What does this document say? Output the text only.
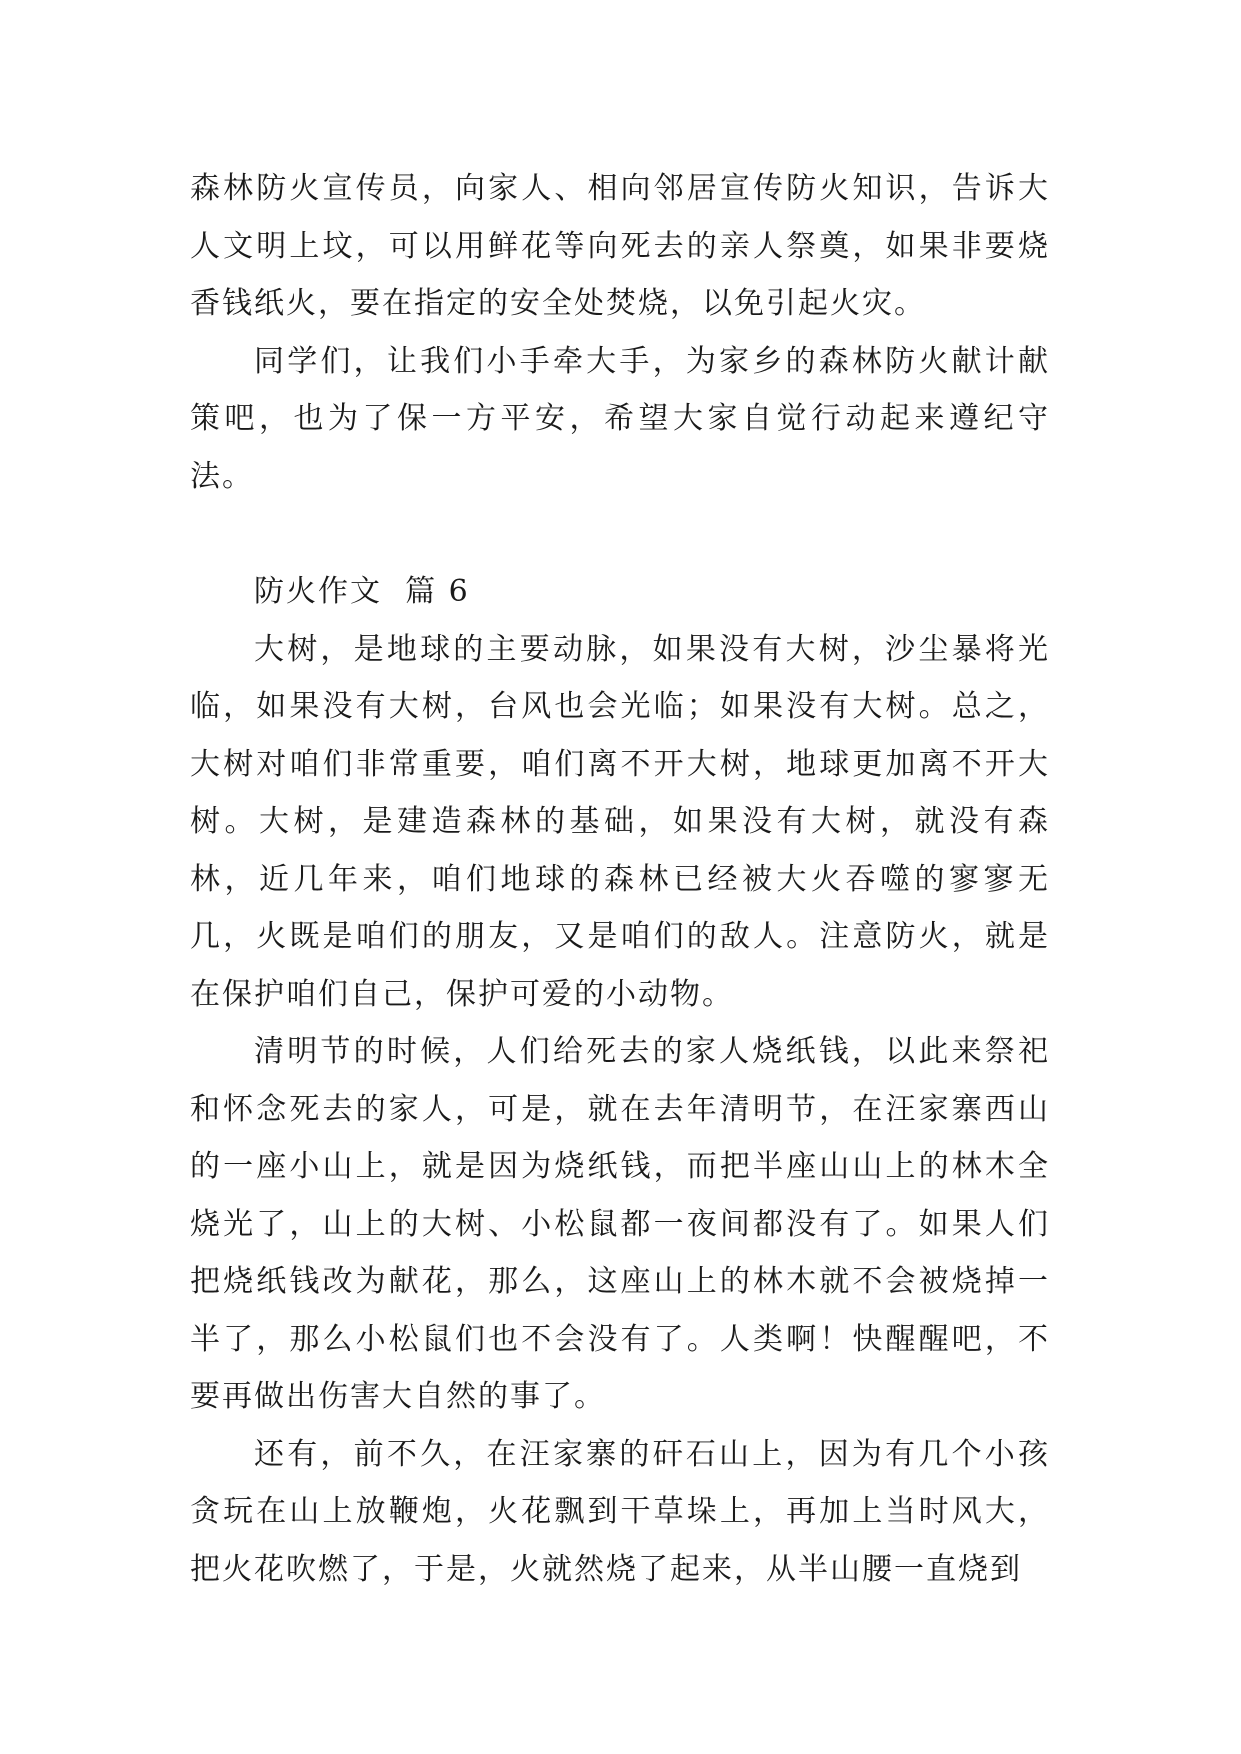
森林防火宣传员，向家人、相向邻居宣传防火知识，告诉大人文明上坟，可以用鲜花等向死去的亲人祭奠，如果非要烧香钱纸火，要在指定的安全处焚烧，以免引起火灾。

同学们，让我们小手牵大手，为家乡的森林防火献计献策吧，也为了保一方平安，希望大家自觉行动起来遵纪守法。

防火作文  篇 6

大树，是地球的主要动脉，如果没有大树，沙尘暴将光临，如果没有大树，台风也会光临；如果没有大树。总之，大树对咱们非常重要，咱们离不开大树，地球更加离不开大树。大树，是建造森林的基础，如果没有大树，就没有森林，近几年来，咱们地球的森林已经被大火吞噬的寥寥无几，火既是咱们的朋友，又是咱们的敌人。注意防火，就是在保护咱们自己，保护可爱的小动物。

清明节的时候，人们给死去的家人烧纸钱，以此来祭祀和怀念死去的家人，可是，就在去年清明节，在汪家寨西山的一座小山上，就是因为烧纸钱，而把半座山山上的林木全烧光了，山上的大树、小松鼠都一夜间都没有了。如果人们把烧纸钱改为献花，那么，这座山上的林木就不会被烧掉一半了，那么小松鼠们也不会没有了。人类啊！快醒醒吧，不要再做出伤害大自然的事了。

还有，前不久，在汪家寨的矸石山上，因为有几个小孩贪玩在山上放鞭炮，火花飘到干草垛上，再加上当时风大，把火花吹燃了，于是，火就然烧了起来，从半山腰一直烧到
